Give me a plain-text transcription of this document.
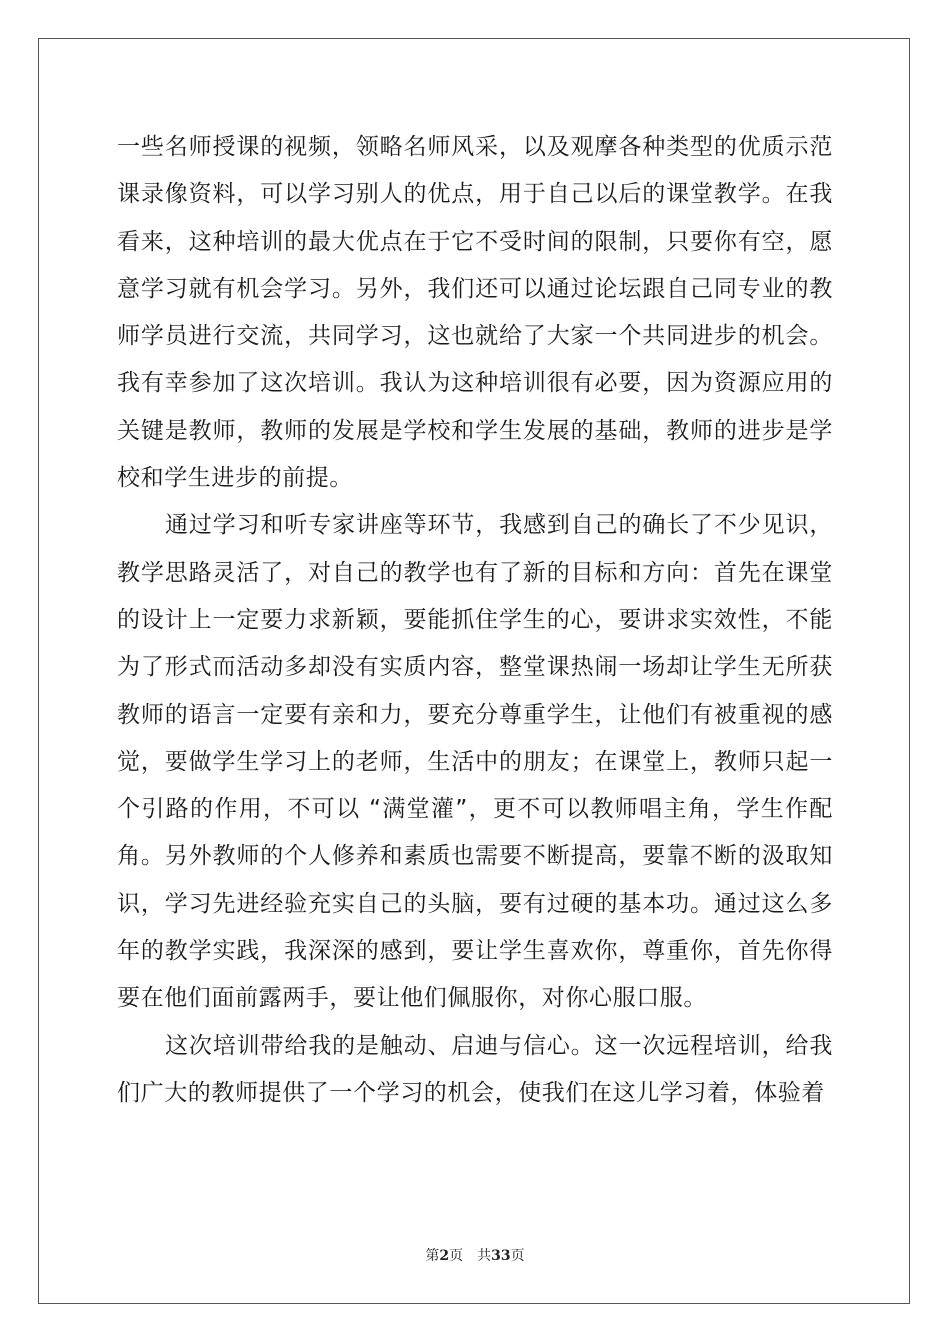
一些名师授课的视频，领略名师风采，以及观摩各种类型的优质示范课录像资料，可以学习别人的优点，用于自己以后的课堂教学。在我看来，这种培训的最大优点在于它不受时间的限制，只要你有空，愿意学习就有机会学习。另外，我们还可以通过论坛跟自己同专业的教师学员进行交流，共同学习，这也就给了大家一个共同进步的机会。我有幸参加了这次培训。我认为这种培训很有必要，因为资源应用的关键是教师，教师的发展是学校和学生发展的基础，教师的进步是学校和学生进步的前提。

通过学习和听专家讲座等环节，我感到自己的确长了不少见识，教学思路灵活了，对自己的教学也有了新的目标和方向：首先在课堂的设计上一定要力求新颖，要能抓住学生的心，要讲求实效性，不能为了形式而活动多却没有实质内容，整堂课热闹一场却让学生无所获教师的语言一定要有亲和力，要充分尊重学生，让他们有被重视的感觉，要做学生学习上的老师，生活中的朋友；在课堂上，教师只起一个引路的作用，不可以 “满堂灌”，更不可以教师唱主角，学生作配角。另外教师的个人修养和素质也需要不断提高，要靠不断的汲取知识，学习先进经验充实自己的头脑，要有过硬的基本功。通过这么多年的教学实践，我深深的感到，要让学生喜欢你，尊重你，首先你得要在他们面前露两手，要让他们佩服你，对你心服口服。

这次培训带给我的是触动、启迪与信心。这一次远程培训，给我们广大的教师提供了一个学习的机会，使我们在这儿学习着，体验着

第2页 共33页
